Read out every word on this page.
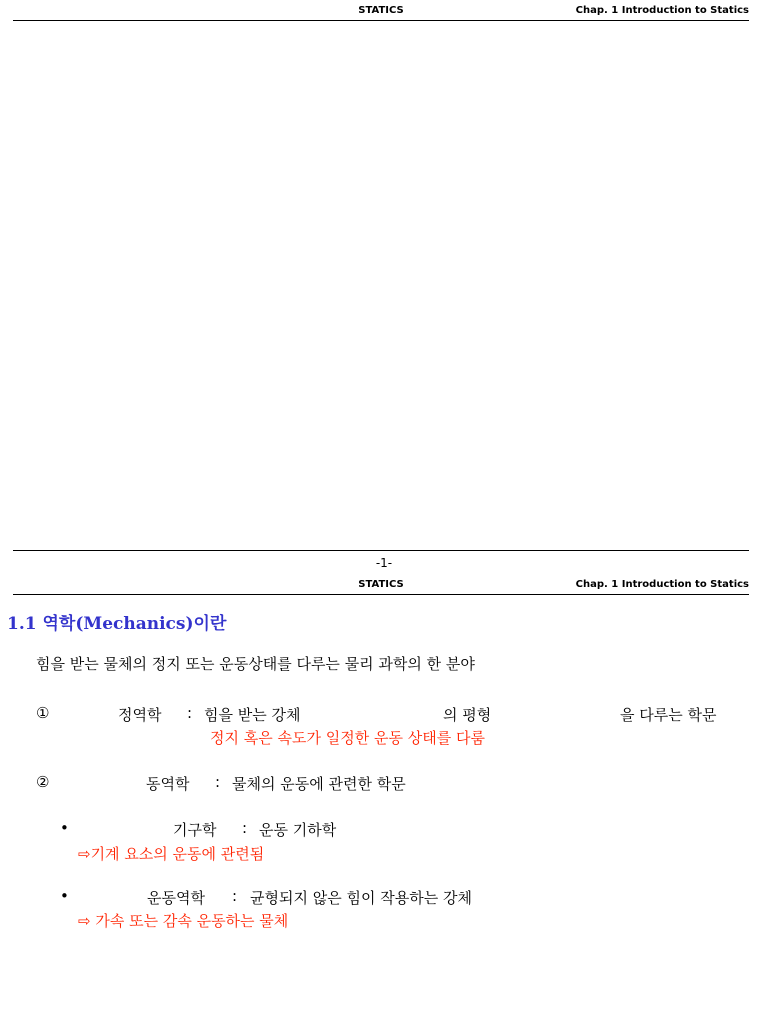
STATICS	Chap. 1 Introduction to Statics
-1-
STATICS	Chap. 1 Introduction to Statics
1.1 역학(Mechanics)이란
힘을 받는 물체의 정지 또는 운동상태를 다루는 물리 과학의 한 분야
①	정역학 : 힘을 받는 강체	의 평형	을 다루는 학문
정지 혹은 속도가 일정한 운동 상태를 다룸
②	동역학 : 물체의 운동에 관련한 학문
•	기구학 : 운동 기하학
⇨기계 요소의 운동에 관련됨
•	운동역학 : 균형되지 않은 힘이 작용하는 강체
⇨ 가속 또는 감속 운동하는 물체
